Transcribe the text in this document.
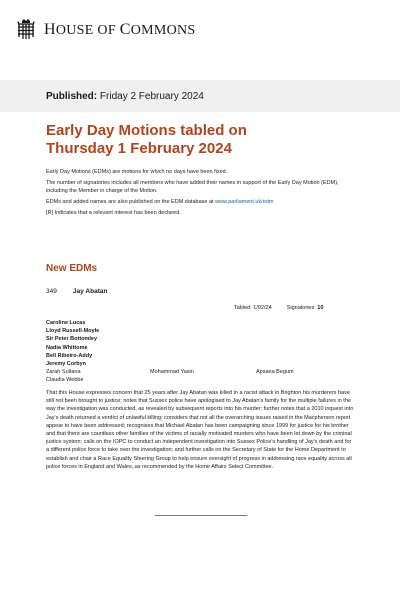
HOUSE OF COMMONS
Published: Friday 2 February 2024
Early Day Motions tabled on
Thursday 1 February 2024

Early Day Motions (EDMs) are motions for which no days have been fixed.

The number of signatories includes all members who have added their names in support of the Early Day Motion (EDM), including the Member in charge of the Motion.

EDMs and added names are also published on the EDM database at www.parliament.uk/edm

[R] Indicates that a relevant interest has been declared.

New EDMs
349	Jay Abatan
Tabled: 1/02/24	Signatories: 10
Caroline Lucas
Lloyd Russell-Moyle
Sir Peter Bottomley
Nadia Whittome
Bell Ribeiro-Addy
Jeremy Corbyn
Zarah Sultana	Mohammad Yasin	Apsana Begum
Claudia Webbe
That this House expresses concern that 25 years after Jay Abatan was killed in a racist attack in Brighton his murderers have still not been brought to justice; notes that Sussex police have apologised to Jay Abatan's family for the multiple failures in the way the investigation was conducted, as revealed by subsequent reports into his murder; further notes that a 2010 inquest into Jay's death returned a verdict of unlawful killing; considers that not all the overarching issues raised in the Macpherson report appear to have been addressed; recognises that Michael Abatan has been campaigning since 1999 for justice for his brother and that there are countless other families of the victims of racially motivated murders who have been let down by the criminal justice system; calls on the IOPC to conduct an independent investigation into Sussex Police's handling of Jay's death and for a different police force to take over the investigation; and further calls on the Secretary of State for the Home Department to establish and chair a Race Equality Steering Group to help ensure oversight of progress in addressing race equality across all police forces in England and Wales, as recommended by the Home Affairs Select Committee.
